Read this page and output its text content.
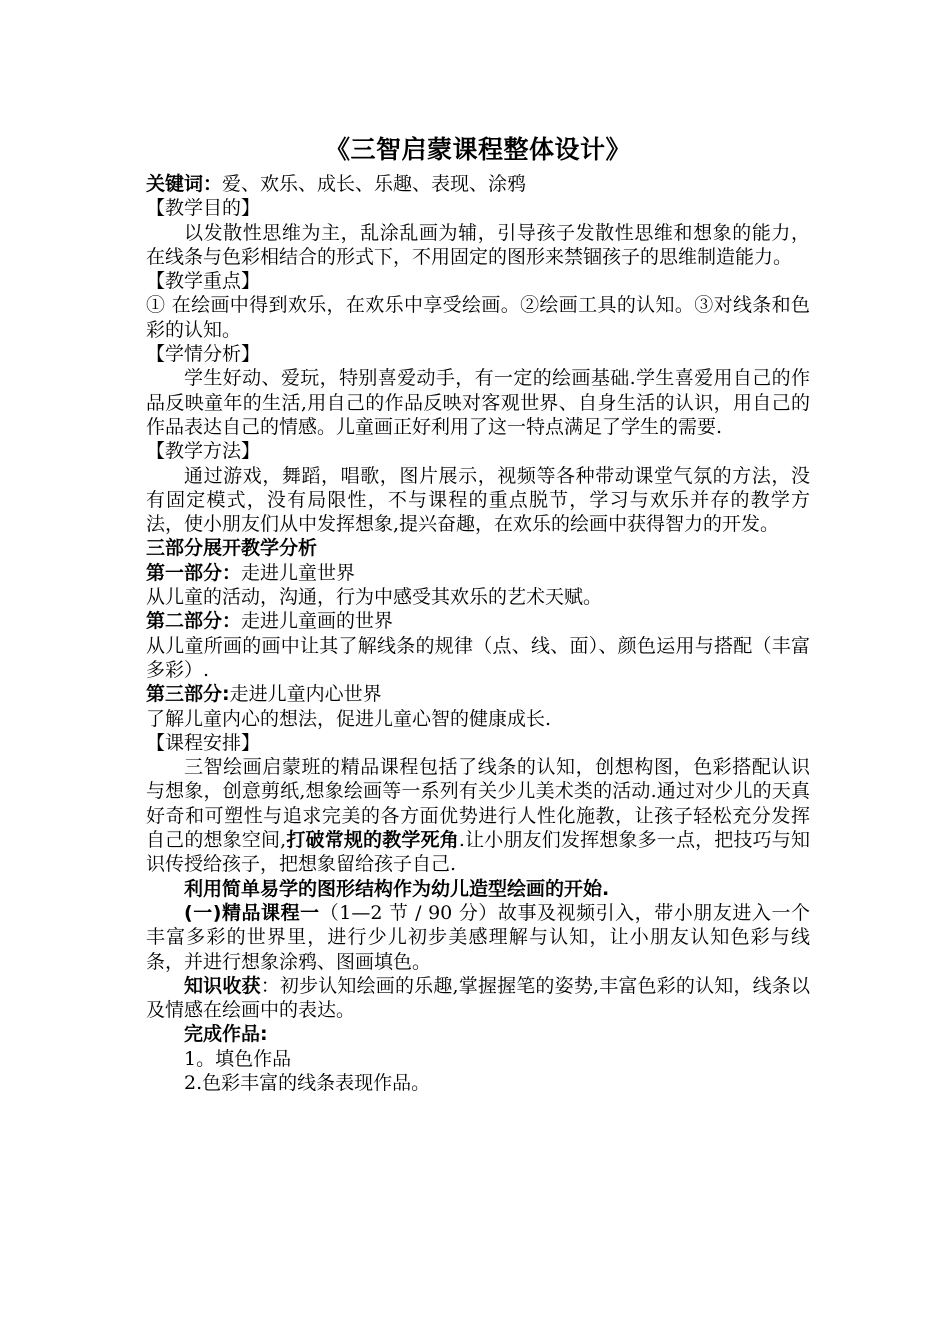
《三智启蒙课程整体设计》

关键词：爱、欢乐、成长、乐趣、表现、涂鸦

【教学目的】

以发散性思维为主，乱涂乱画为辅，引导孩子发散性思维和想象的能力，在线条与色彩相结合的形式下，不用固定的图形来禁锢孩子的思维制造能力。

【教学重点】

① 在绘画中得到欢乐，在欢乐中享受绘画。②绘画工具的认知。③对线条和色彩的认知。

【学情分析】

学生好动、爱玩，特别喜爱动手，有一定的绘画基础.学生喜爱用自己的作品反映童年的生活,用自己的作品反映对客观世界、自身生活的认识，用自己的作品表达自己的情感。儿童画正好利用了这一特点满足了学生的需要.

【教学方法】

通过游戏，舞蹈，唱歌，图片展示，视频等各种带动课堂气氛的方法，没有固定模式，没有局限性，不与课程的重点脱节，学习与欢乐并存的教学方法，使小朋友们从中发挥想象,提兴奋趣，在欢乐的绘画中获得智力的开发。

三部分展开教学分析

第一部分：走进儿童世界

从儿童的活动，沟通，行为中感受其欢乐的艺术天赋。

第二部分：走进儿童画的世界

从儿童所画的画中让其了解线条的规律（点、线、面）、颜色运用与搭配（丰富多彩）.

第三部分:走进儿童内心世界

了解儿童内心的想法，促进儿童心智的健康成长.

【课程安排】

三智绘画启蒙班的精品课程包括了线条的认知，创想构图，色彩搭配认识与想象，创意剪纸,想象绘画等一系列有关少儿美术类的活动.通过对少儿的天真好奇和可塑性与追求完美的各方面优势进行人性化施教，让孩子轻松充分发挥自己的想象空间,打破常规的教学死角.让小朋友们发挥想象多一点，把技巧与知识传授给孩子，把想象留给孩子自己.

利用简单易学的图形结构作为幼儿造型绘画的开始.

(一)精品课程一（1—2 节 / 90 分）故事及视频引入，带小朋友进入一个丰富多彩的世界里，进行少儿初步美感理解与认知，让小朋友认知色彩与线条，并进行想象涂鸦、图画填色。

知识收获：初步认知绘画的乐趣,掌握握笔的姿势,丰富色彩的认知，线条以及情感在绘画中的表达。

完成作品:

1。填色作品

2.色彩丰富的线条表现作品。
